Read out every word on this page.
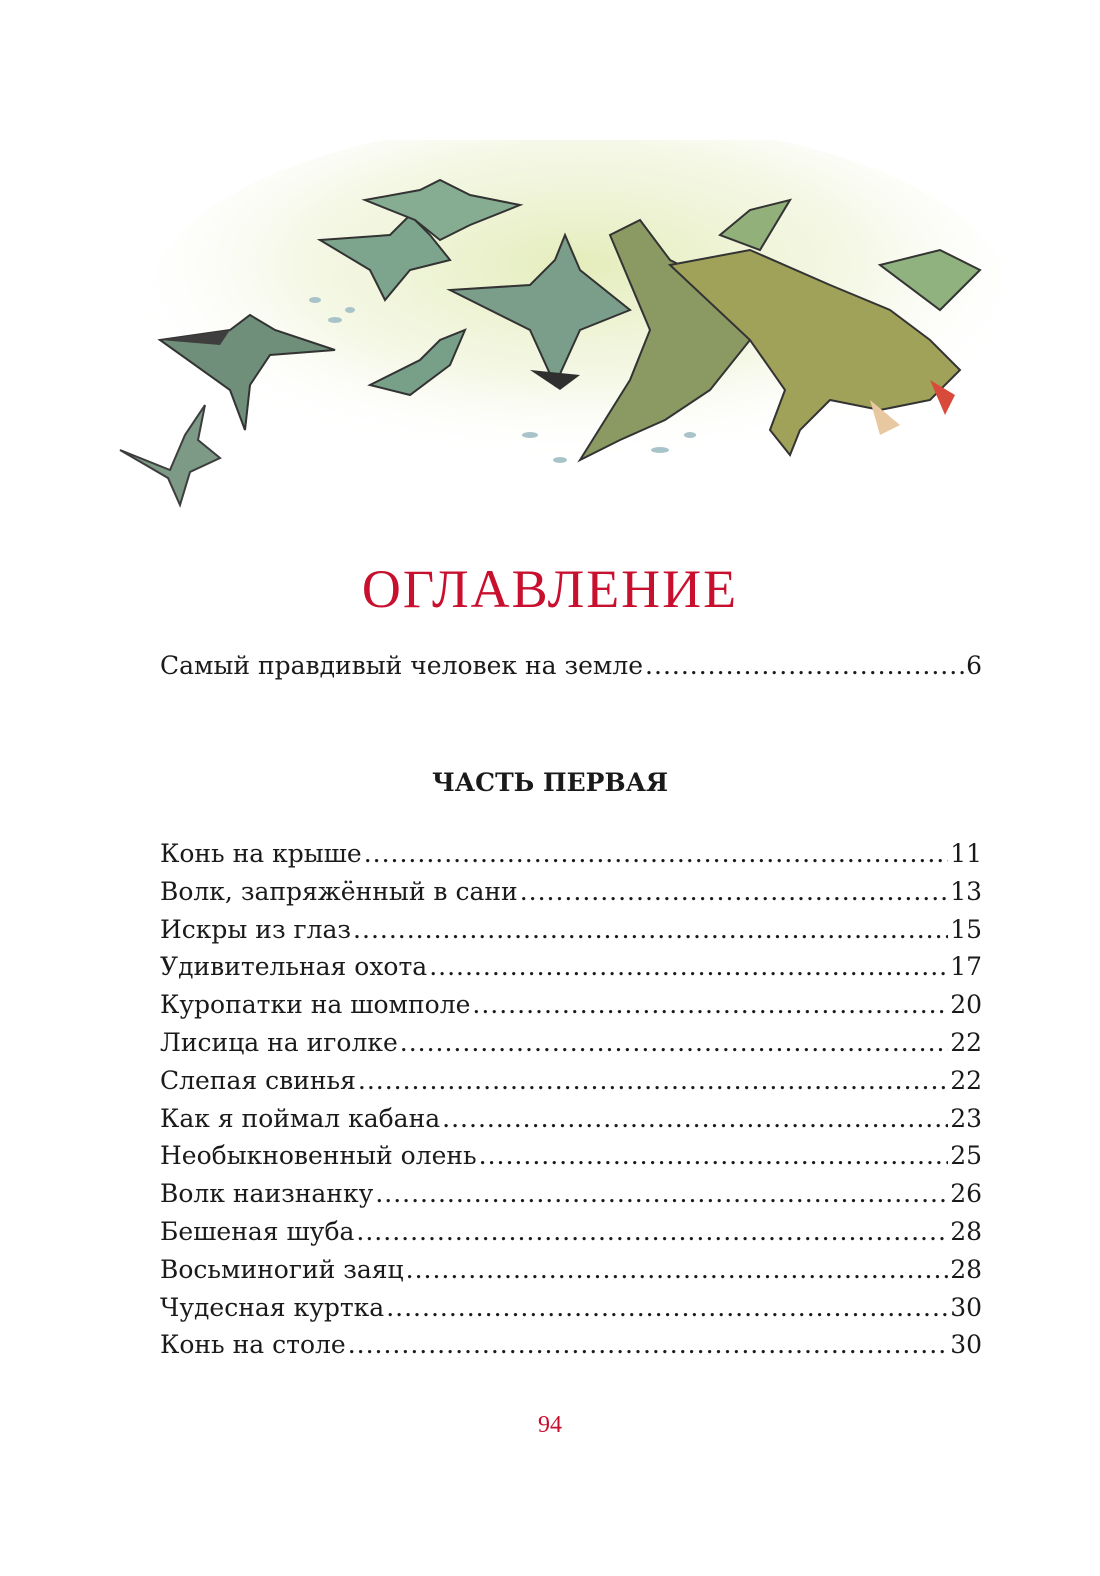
ОГЛАВЛЕНИЕ
Самый правдивый человек на земле .....	6
ЧАСТЬ ПЕРВАЯ
Конь на крыше .....	11
Волк, запряжённый в сани .....	13
Искры из глаз .....	15
Удивительная охота .....	17
Куропатки на шомполе .....	20
Лисица на иголке .....	22
Слепая свинья .....	22
Как я поймал кабана .....	23
Необыкновенный олень .....	25
Волк наизнанку .....	26
Бешеная шуба .....	28
Восьминогий заяц .....	28
Чудесная куртка .....	30
Конь на столе .....	30
94
